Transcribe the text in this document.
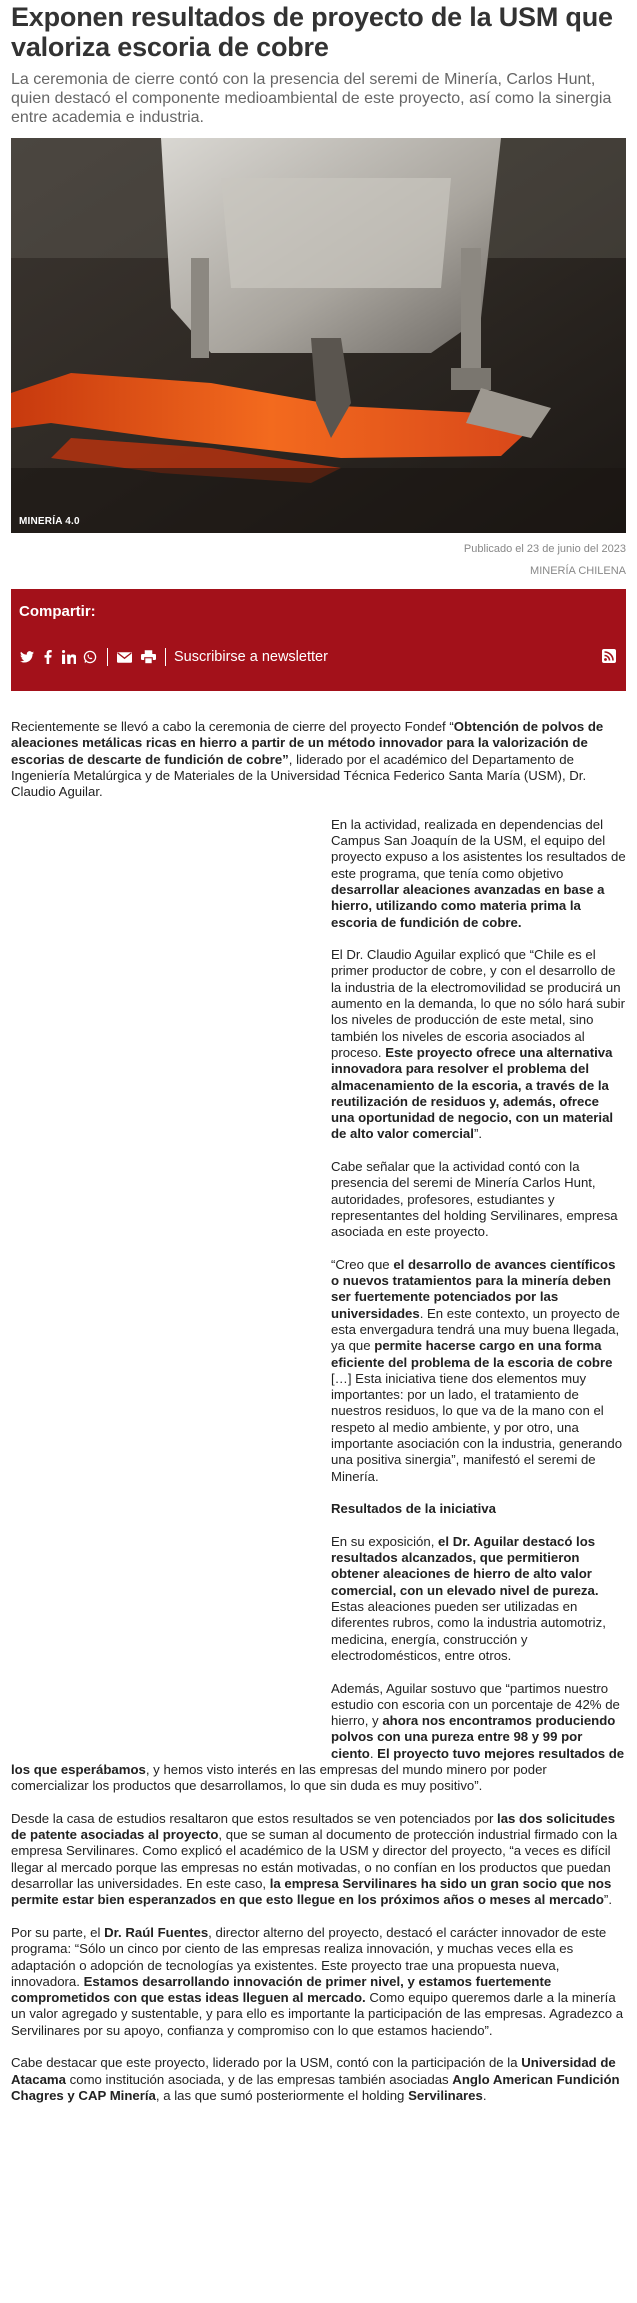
Exponen resultados de proyecto de la USM que valoriza escoria de cobre

La ceremonia de cierre contó con la presencia del seremi de Minería, Carlos Hunt, quien destacó el componente medioambiental de este proyecto, así como la sinergia entre academia e industria.

MINERÍA 4.0
Publicado el 23 de junio del 2023
MINERÍA CHILENA
Compartir:
Suscribirse a newsletter

Recientemente se llevó a cabo la ceremonia de cierre del proyecto Fondef “Obtención de polvos de aleaciones metálicas ricas en hierro a partir de un método innovador para la valorización de escorias de descarte de fundición de cobre”, liderado por el académico del Departamento de Ingeniería Metalúrgica y de Materiales de la Universidad Técnica Federico Santa María (USM), Dr. Claudio Aguilar.

En la actividad, realizada en dependencias del Campus San Joaquín de la USM, el equipo del proyecto expuso a los asistentes los resultados de este programa, que tenía como objetivo desarrollar aleaciones avanzadas en base a hierro, utilizando como materia prima la escoria de fundición de cobre.

El Dr. Claudio Aguilar explicó que “Chile es el primer productor de cobre, y con el desarrollo de la industria de la electromovilidad se producirá un aumento en la demanda, lo que no sólo hará subir los niveles de producción de este metal, sino también los niveles de escoria asociados al proceso. Este proyecto ofrece una alternativa innovadora para resolver el problema del almacenamiento de la escoria, a través de la reutilización de residuos y, además, ofrece una oportunidad de negocio, con un material de alto valor comercial”.

Cabe señalar que la actividad contó con la presencia del seremi de Minería Carlos Hunt, autoridades, profesores, estudiantes y representantes del holding Servilinares, empresa asociada en este proyecto.

“Creo que el desarrollo de avances científicos o nuevos tratamientos para la minería deben ser fuertemente potenciados por las universidades. En este contexto, un proyecto de esta envergadura tendrá una muy buena llegada, ya que permite hacerse cargo en una forma eficiente del problema de la escoria de cobre […] Esta iniciativa tiene dos elementos muy importantes: por un lado, el tratamiento de nuestros residuos, lo que va de la mano con el respeto al medio ambiente, y por otro, una importante asociación con la industria, generando una positiva sinergia”, manifestó el seremi de Minería.

Resultados de la iniciativa

En su exposición, el Dr. Aguilar destacó los resultados alcanzados, que permitieron obtener aleaciones de hierro de alto valor comercial, con un elevado nivel de pureza. Estas aleaciones pueden ser utilizadas en diferentes rubros, como la industria automotriz, medicina, energía, construcción y electrodomésticos, entre otros.

Además, Aguilar sostuvo que “partimos nuestro estudio con escoria con un porcentaje de 42% de hierro, y ahora nos encontramos produciendo polvos con una pureza entre 98 y 99 por ciento. El proyecto tuvo mejores resultados de los que esperábamos, y hemos visto interés en las empresas del mundo minero por poder comercializar los productos que desarrollamos, lo que sin duda es muy positivo”.

Desde la casa de estudios resaltaron que estos resultados se ven potenciados por las dos solicitudes de patente asociadas al proyecto, que se suman al documento de protección industrial firmado con la empresa Servilinares. Como explicó el académico de la USM y director del proyecto, “a veces es difícil llegar al mercado porque las empresas no están motivadas, o no confían en los productos que puedan desarrollar las universidades. En este caso, la empresa Servilinares ha sido un gran socio que nos permite estar bien esperanzados en que esto llegue en los próximos años o meses al mercado”.

Por su parte, el Dr. Raúl Fuentes, director alterno del proyecto, destacó el carácter innovador de este programa: “Sólo un cinco por ciento de las empresas realiza innovación, y muchas veces ella es adaptación o adopción de tecnologías ya existentes. Este proyecto trae una propuesta nueva, innovadora. Estamos desarrollando innovación de primer nivel, y estamos fuertemente comprometidos con que estas ideas lleguen al mercado. Como equipo queremos darle a la minería un valor agregado y sustentable, y para ello es importante la participación de las empresas. Agradezco a Servilinares por su apoyo, confianza y compromiso con lo que estamos haciendo”.

Cabe destacar que este proyecto, liderado por la USM, contó con la participación de la Universidad de Atacama como institución asociada, y de las empresas también asociadas Anglo American Fundición Chagres y CAP Minería, a las que sumó posteriormente el holding Servilinares.
